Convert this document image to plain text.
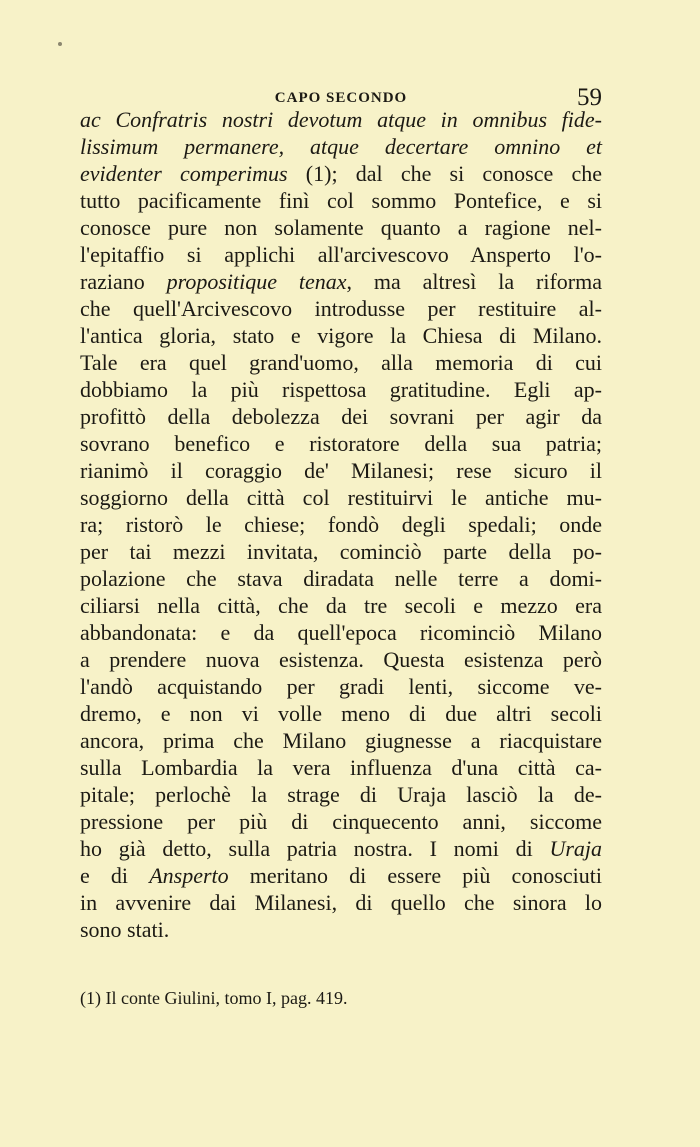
CAPO SECONDO	59
ac Confratris nostri devotum atque in omnibus fide-
lissimum permanere, atque decertare omnino et
evidenter comperimus (1); dal che si conosce che
tutto pacificamente finì col sommo Pontefice, e si
conosce pure non solamente quanto a ragione nel-
l'epitaffio si applichi all'arcivescovo Ansperto l'o-
raziano propositique tenax, ma altresì la riforma
che quell'Arcivescovo introdusse per restituire al-
l'antica gloria, stato e vigore la Chiesa di Milano.
Tale era quel grand'uomo, alla memoria di cui
dobbiamo la più rispettosa gratitudine. Egli ap-
profittò della debolezza dei sovrani per agir da
sovrano benefico e ristoratore della sua patria;
rianimò il coraggio de' Milanesi; rese sicuro il
soggiorno della città col restituirvi le antiche mu-
ra; ristorò le chiese; fondò degli spedali; onde
per tai mezzi invitata, cominciò parte della po-
polazione che stava diradata nelle terre a domi-
ciliarsi nella città, che da tre secoli e mezzo era
abbandonata: e da quell'epoca ricominciò Milano
a prendere nuova esistenza. Questa esistenza però
l'andò acquistando per gradi lenti, siccome ve-
dremo, e non vi volle meno di due altri secoli
ancora, prima che Milano giugnesse a riacquistare
sulla Lombardia la vera influenza d'una città ca-
pitale; perlochè la strage di Uraja lasciò la de-
pressione per più di cinquecento anni, siccome
ho già detto, sulla patria nostra. I nomi di Uraja
e di Ansperto meritano di essere più conosciuti
in avvenire dai Milanesi, di quello che sinora lo
sono stati.
(1) Il conte Giulini, tomo I, pag. 419.
